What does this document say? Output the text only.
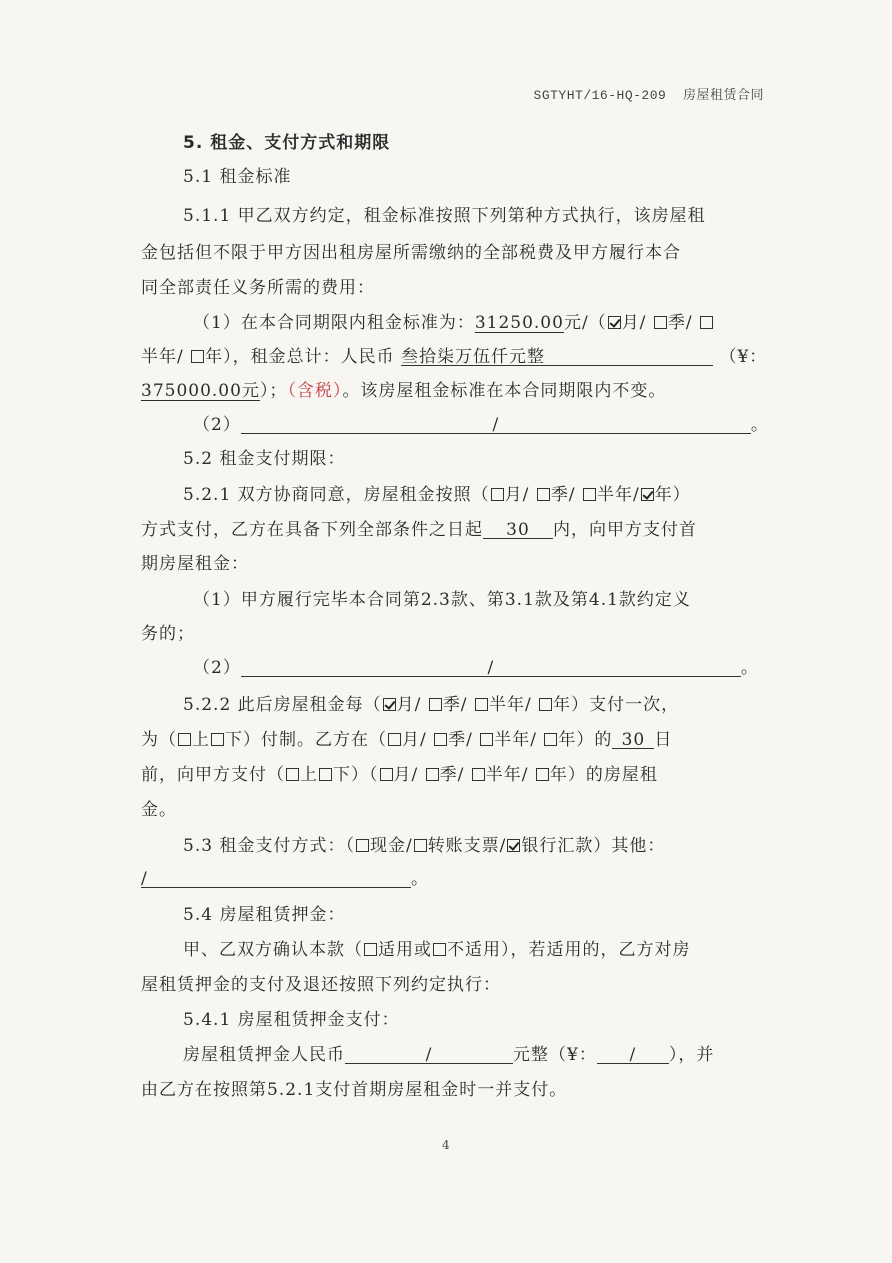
SGTYHT/16-HQ-209 房屋租赁合同
5. 租金、支付方式和期限
5.1 租金标准
5.1.1 甲乙双方约定，租金标准按照下列第种方式执行，该房屋租
金包括但不限于甲方因出租房屋所需缴纳的全部税费及甲方履行本合
同全部责任义务所需的费用：
（1）在本合同期限内租金标准为：31250.00元/（ 月/ 季/
半年/ 年），租金总计：人民币 叁拾柒万伍仟元整	（¥：
375000.00元）；（含税）。该房屋租金标准在本合同期限内不变。
（2）	/	。
5.2 租金支付期限：
5.2.1 双方协商同意，房屋租金按照（ 月/ 季/ 半年/ 年）
方式支付，乙方在具备下列全部条件之日起 30 内，向甲方支付首
期房屋租金：
（1）甲方履行完毕本合同第2.3款、第3.1款及第4.1款约定义
务的；
（2）	/	。
5.2.2 此后房屋租金每（ 月/ 季/ 半年/ 年）支付一次，
为（ 上 下）付制。乙方在（ 月/ 季/ 半年/ 年）的 30 日
前，向甲方支付（ 上 下）（ 月/ 季/ 半年/ 年）的房屋租
金。
5.3 租金支付方式：（ 现金/ 转账支票/ 银行汇款）其他：
/	。
5.4 房屋租赁押金：
甲、乙双方确认本款（ 适用或 不适用），若适用的，乙方对房
屋租赁押金的支付及退还按照下列约定执行：
5.4.1 房屋租赁押金支付：
房屋租赁押金人民币	/	元整（¥： / ），并
由乙方在按照第5.2.1支付首期房屋租金时一并支付。
4
